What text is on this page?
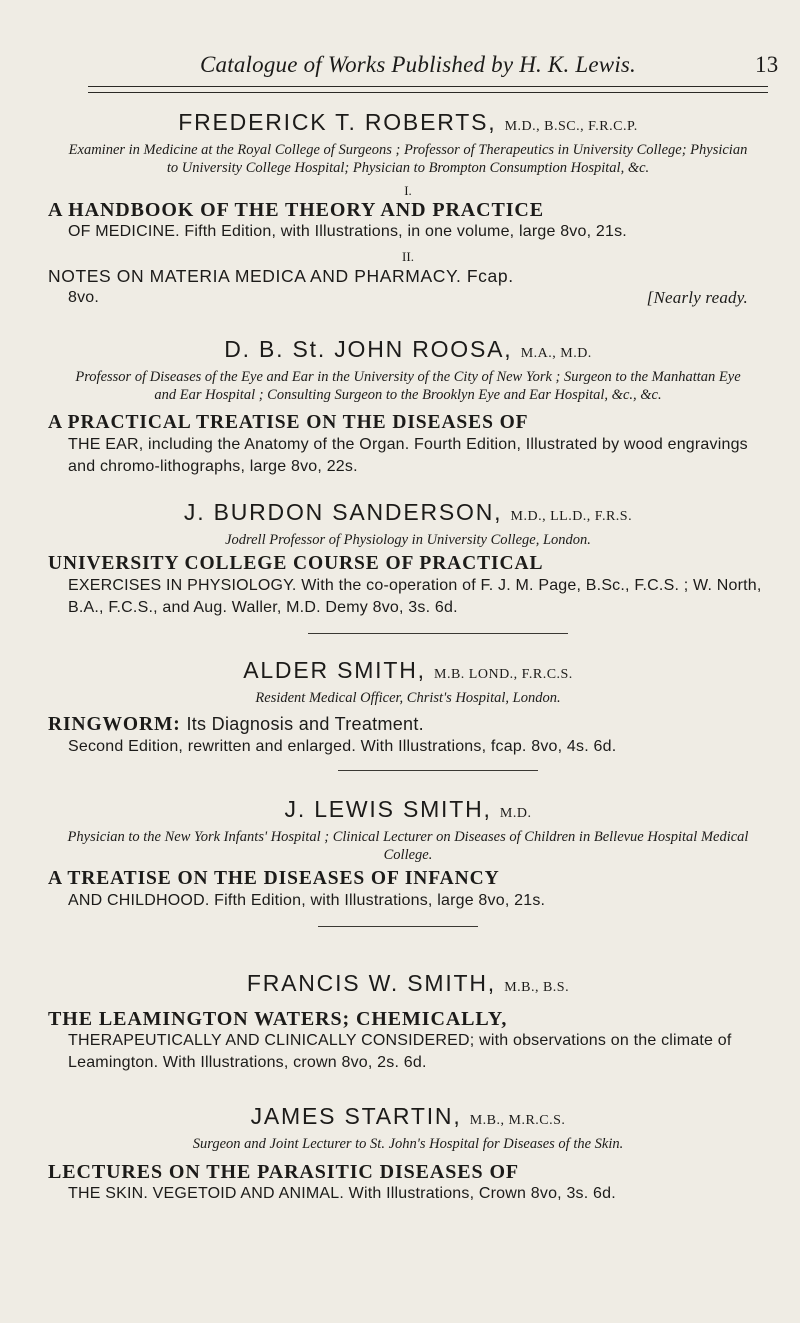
Catalogue of Works Published by H. K. Lewis.	13
FREDERICK T. ROBERTS, M.D., B.SC., F.R.C.P.
Examiner in Medicine at the Royal College of Surgeons ; Professor of Therapeutics in University College; Physician to University College Hospital; Physician to Brompton Consumption Hospital, &c.
I.
A HANDBOOK OF THE THEORY AND PRACTICE
OF MEDICINE. Fifth Edition, with Illustrations, in one volume, large 8vo, 21s.
II.
NOTES ON MATERIA MEDICA AND PHARMACY. Fcap.
8vo.	[Nearly ready.
D. B. St. JOHN ROOSA, M.A., M.D.
Professor of Diseases of the Eye and Ear in the University of the City of New York ; Surgeon to the Manhattan Eye and Ear Hospital ; Consulting Surgeon to the Brooklyn Eye and Ear Hospital, &c., &c.
A PRACTICAL TREATISE ON THE DISEASES OF
THE EAR, including the Anatomy of the Organ. Fourth Edition, Illustrated by wood engravings and chromo-lithographs, large 8vo, 22s.
J. BURDON SANDERSON, M.D., LL.D., F.R.S.
Jodrell Professor of Physiology in University College, London.
UNIVERSITY COLLEGE COURSE OF PRACTICAL
EXERCISES IN PHYSIOLOGY. With the co-operation of F. J. M. Page, B.Sc., F.C.S. ; W. North, B.A., F.C.S., and Aug. Waller, M.D. Demy 8vo, 3s. 6d.
ALDER SMITH, M.B. LOND., F.R.C.S.
Resident Medical Officer, Christ's Hospital, London.
RINGWORM: Its Diagnosis and Treatment.
Second Edition, rewritten and enlarged. With Illustrations, fcap. 8vo, 4s. 6d.
J. LEWIS SMITH, M.D.
Physician to the New York Infants' Hospital ; Clinical Lecturer on Diseases of Children in Bellevue Hospital Medical College.
A TREATISE ON THE DISEASES OF INFANCY
AND CHILDHOOD. Fifth Edition, with Illustrations, large 8vo, 21s.
FRANCIS W. SMITH, M.B., B.S.
THE LEAMINGTON WATERS; CHEMICALLY,
THERAPEUTICALLY AND CLINICALLY CONSIDERED; with observations on the climate of Leamington. With Illustrations, crown 8vo, 2s. 6d.
JAMES STARTIN, M.B., M.R.C.S.
Surgeon and Joint Lecturer to St. John's Hospital for Diseases of the Skin.
LECTURES ON THE PARASITIC DISEASES OF
THE SKIN. VEGETOID AND ANIMAL. With Illustrations, Crown 8vo, 3s. 6d.
